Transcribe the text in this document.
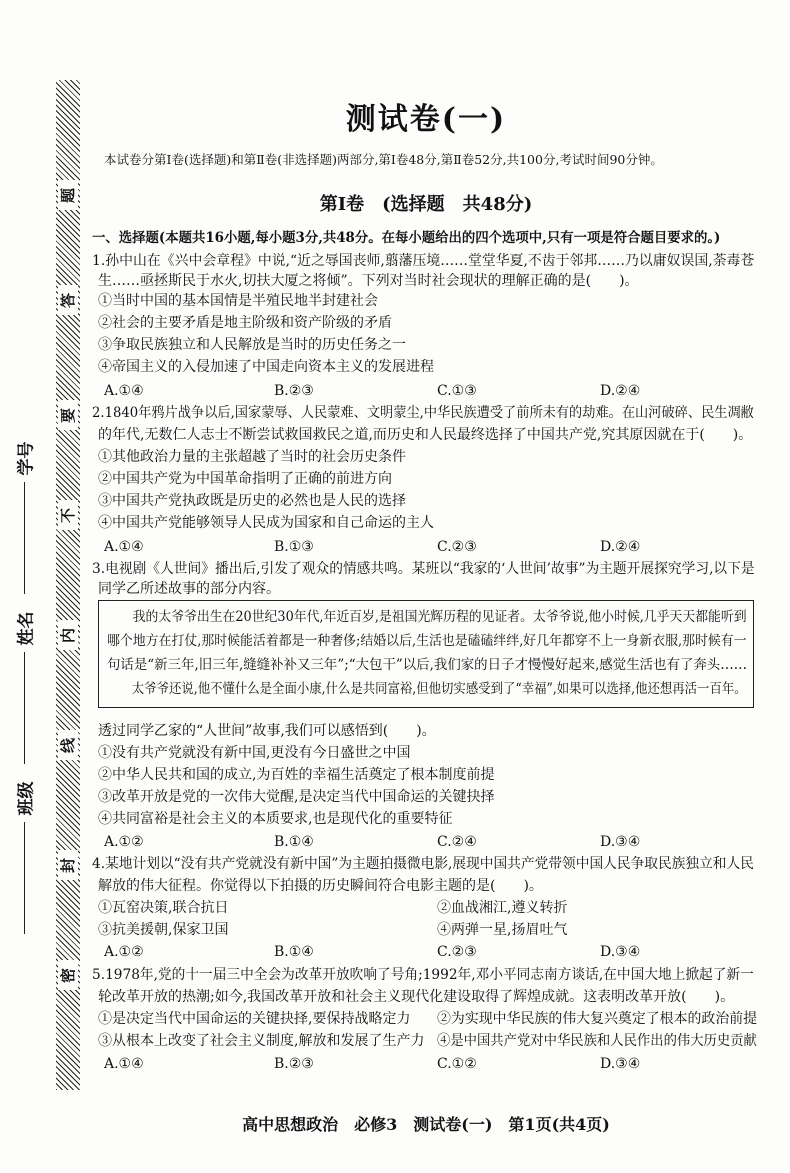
题
答
要
不
内
线
封
密
学号
姓名
班级
测试卷(一)
本试卷分第Ⅰ卷(选择题)和第Ⅱ卷(非选择题)两部分,第Ⅰ卷48分,第Ⅱ卷52分,共100分,考试时间90分钟。
第Ⅰ卷　(选择题　共48分)
一、选择题(本题共16小题,每小题3分,共48分。在每小题给出的四个选项中,只有一项是符合题目要求的。)
1.孙中山在《兴中会章程》中说,“近之辱国丧师,翦藩压境……堂堂华夏,不齿于邻邦……乃以庸奴误国,荼毒苍
生……亟拯斯民于水火,切扶大厦之将倾”。下列对当时社会现状的理解正确的是(　　)。
①当时中国的基本国情是半殖民地半封建社会
②社会的主要矛盾是地主阶级和资产阶级的矛盾
③争取民族独立和人民解放是当时的历史任务之一
④帝国主义的入侵加速了中国走向资本主义的发展进程
A.①④	B.②③	C.①③	D.②④
2.1840年鸦片战争以后,国家蒙辱、人民蒙难、文明蒙尘,中华民族遭受了前所未有的劫难。在山河破碎、民生凋敝
的年代,无数仁人志士不断尝试救国救民之道,而历史和人民最终选择了中国共产党,究其原因就在于(　　)。
①其他政治力量的主张超越了当时的社会历史条件
②中国共产党为中国革命指明了正确的前进方向
③中国共产党执政既是历史的必然也是人民的选择
④中国共产党能够领导人民成为国家和自己命运的主人
A.①④	B.①③	C.②③	D.②④
3.电视剧《人世间》播出后,引发了观众的情感共鸣。某班以“我家的‘人世间’故事”为主题开展探究学习,以下是
同学乙所述故事的部分内容。
　　我的太爷爷出生在20世纪30年代,年近百岁,是祖国光辉历程的见证者。太爷爷说,他小时候,几乎天天都能听到
哪个地方在打仗,那时候能活着都是一种奢侈;结婚以后,生活也是磕磕绊绊,好几年都穿不上一身新衣服,那时候有一
句话是“新三年,旧三年,缝缝补补又三年”;“大包干”以后,我们家的日子才慢慢好起来,感觉生活也有了奔头……
　　太爷爷还说,他不懂什么是全面小康,什么是共同富裕,但他切实感受到了“幸福”,如果可以选择,他还想再活一百年。
透过同学乙家的“人世间”故事,我们可以感悟到(　　)。
①没有共产党就没有新中国,更没有今日盛世之中国
②中华人民共和国的成立,为百姓的幸福生活奠定了根本制度前提
③改革开放是党的一次伟大觉醒,是决定当代中国命运的关键抉择
④共同富裕是社会主义的本质要求,也是现代化的重要特征
A.①②	B.①④	C.②④	D.③④
4.某地计划以“没有共产党就没有新中国”为主题拍摄微电影,展现中国共产党带领中国人民争取民族独立和人民
解放的伟大征程。你觉得以下拍摄的历史瞬间符合电影主题的是(　　)。
①瓦窑决策,联合抗日	②血战湘江,遵义转折
③抗美援朝,保家卫国	④两弹一星,扬眉吐气
A.①②	B.①④	C.②③	D.③④
5.1978年,党的十一届三中全会为改革开放吹响了号角;1992年,邓小平同志南方谈话,在中国大地上掀起了新一
轮改革开放的热潮;如今,我国改革开放和社会主义现代化建设取得了辉煌成就。这表明改革开放(　　)。
①是决定当代中国命运的关键抉择,要保持战略定力 ②为实现中华民族的伟大复兴奠定了根本的政治前提
③从根本上改变了社会主义制度,解放和发展了生产力 ④是中国共产党对中华民族和人民作出的伟大历史贡献
A.①④	B.②③	C.①②	D.③④
高中思想政治　必修3　测试卷(一)　第1页(共4页)
